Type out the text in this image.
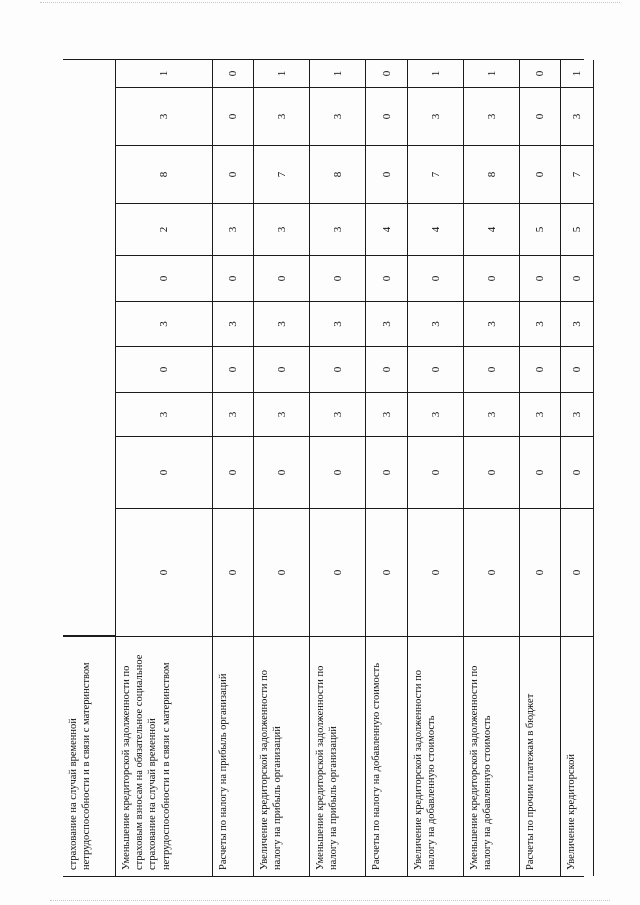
страхование на случай временной нетрудоспособности и в связи с материнством	Уменьшение кредиторской задолженности по страховым взносам на обязательное социальное страхование на случай временной нетрудоспособности и в связи с материнством
0
0
3
0
3
0
2
8
3
1
Расчеты по налогу на прибыль организаций
0
0
3
0
3
0
3
0
0
0
Увеличение кредиторской задолженности по налогу на прибыль организаций
0
0
3
0
3
0
3
7
3
1
Уменьшение кредиторской задолженности по налогу на прибыль организаций
0
0
3
0
3
0
3
8
3
1
Расчеты по налогу на добавленную стоимость
0
0
3
0
3
0
4
0
0
0
Увеличение кредиторской задолженности по налогу на добавленную стоимость
0
0
3
0
3
0
4
7
3
1
Уменьшение кредиторской задолженности по налогу на добавленную стоимость
0
0
3
0
3
0
4
8
3
1
Расчеты по прочим платежам в бюджет
0
0
3
0
3
0
5
0
0
0
Увеличение кредиторской
0
0
3
0
3
0
5
7
3
1
